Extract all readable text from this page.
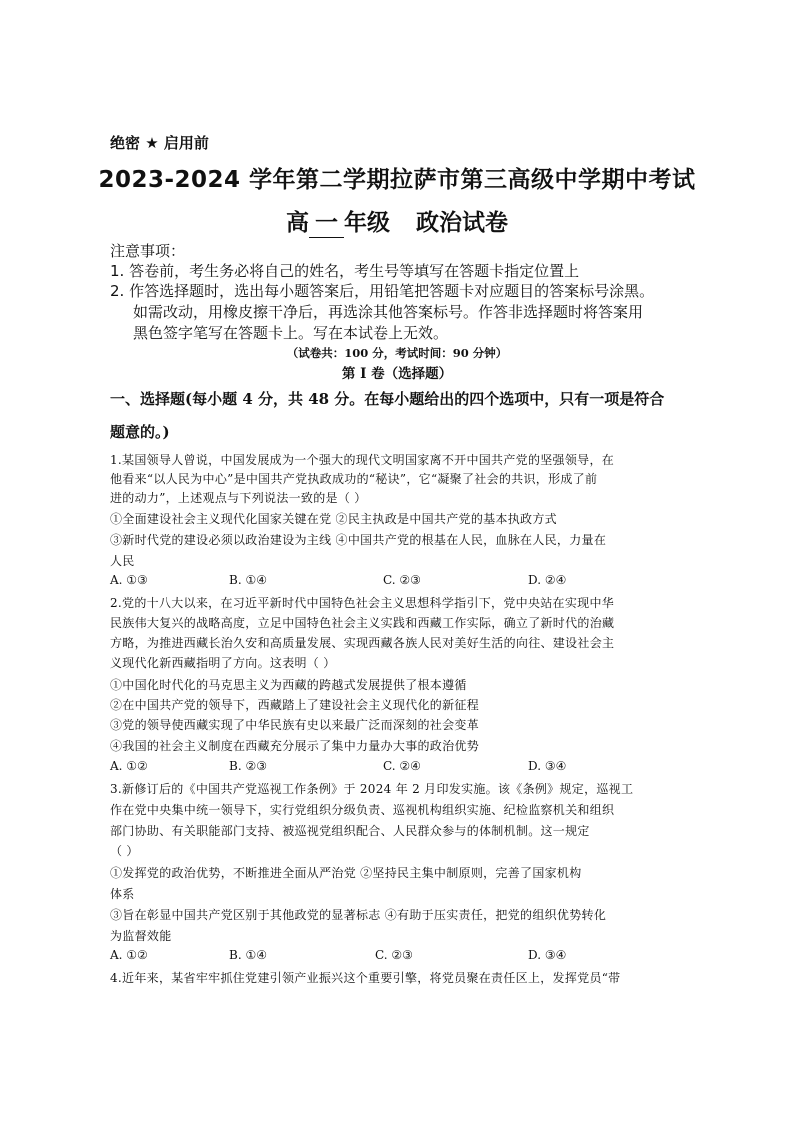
绝密 ★ 启用前
2023-2024 学年第二学期拉萨市第三高级中学期中考试
高 一 年级 政治试卷
注意事项：
1. 答卷前，考生务必将自己的姓名，考生号等填写在答题卡指定位置上
2. 作答选择题时，选出每小题答案后，用铅笔把答题卡对应题目的答案标号涂黑。
如需改动，用橡皮擦干净后，再选涂其他答案标号。作答非选择题时将答案用
黑色签字笔写在答题卡上。写在本试卷上无效。
（试卷共：100 分，考试时间：90 分钟）
第 I 卷（选择题）
一、选择题(每小题 4 分，共 48 分。在每小题给出的四个选项中，只有一项是符合
题意的。)
1.某国领导人曾说，中国发展成为一个强大的现代文明国家离不开中国共产党的坚强领导，在
他看来“以人民为中心”是中国共产党执政成功的“秘诀”，它“凝聚了社会的共识，形成了前
进的动力”，上述观点与下列说法一致的是（ ）
①全面建设社会主义现代化国家关键在党 ②民主执政是中国共产党的基本执政方式
③新时代党的建设必须以政治建设为主线 ④中国共产党的根基在人民，血脉在人民，力量在
人民
A. ①③	B. ①④	C. ②③	D. ②④
2.党的十八大以来，在习近平新时代中国特色社会主义思想科学指引下，党中央站在实现中华
民族伟大复兴的战略高度，立足中国特色社会主义实践和西藏工作实际，确立了新时代的治藏
方略，为推进西藏长治久安和高质量发展、实现西藏各族人民对美好生活的向往、建设社会主
义现代化新西藏指明了方向。这表明（ ）
①中国化时代化的马克思主义为西藏的跨越式发展提供了根本遵循
②在中国共产党的领导下，西藏踏上了建设社会主义现代化的新征程
③党的领导使西藏实现了中华民族有史以来最广泛而深刻的社会变革
④我国的社会主义制度在西藏充分展示了集中力量办大事的政治优势
A. ①②	B. ②③	C. ②④	D. ③④
3.新修订后的《中国共产党巡视工作条例》于 2024 年 2 月印发实施。该《条例》规定，巡视工
作在党中央集中统一领导下，实行党组织分级负责、巡视机构组织实施、纪检监察机关和组织
部门协助、有关职能部门支持、被巡视党组织配合、人民群众参与的体制机制。这一规定
（ ）
①发挥党的政治优势，不断推进全面从严治党 ②坚持民主集中制原则，完善了国家机构
体系
③旨在彰显中国共产党区别于其他政党的显著标志 ④有助于压实责任，把党的组织优势转化
为监督效能
A. ①②	B. ①④	C. ②③	D. ③④
4.近年来，某省牢牢抓住党建引领产业振兴这个重要引擎，将党员聚在责任区上，发挥党员“带
